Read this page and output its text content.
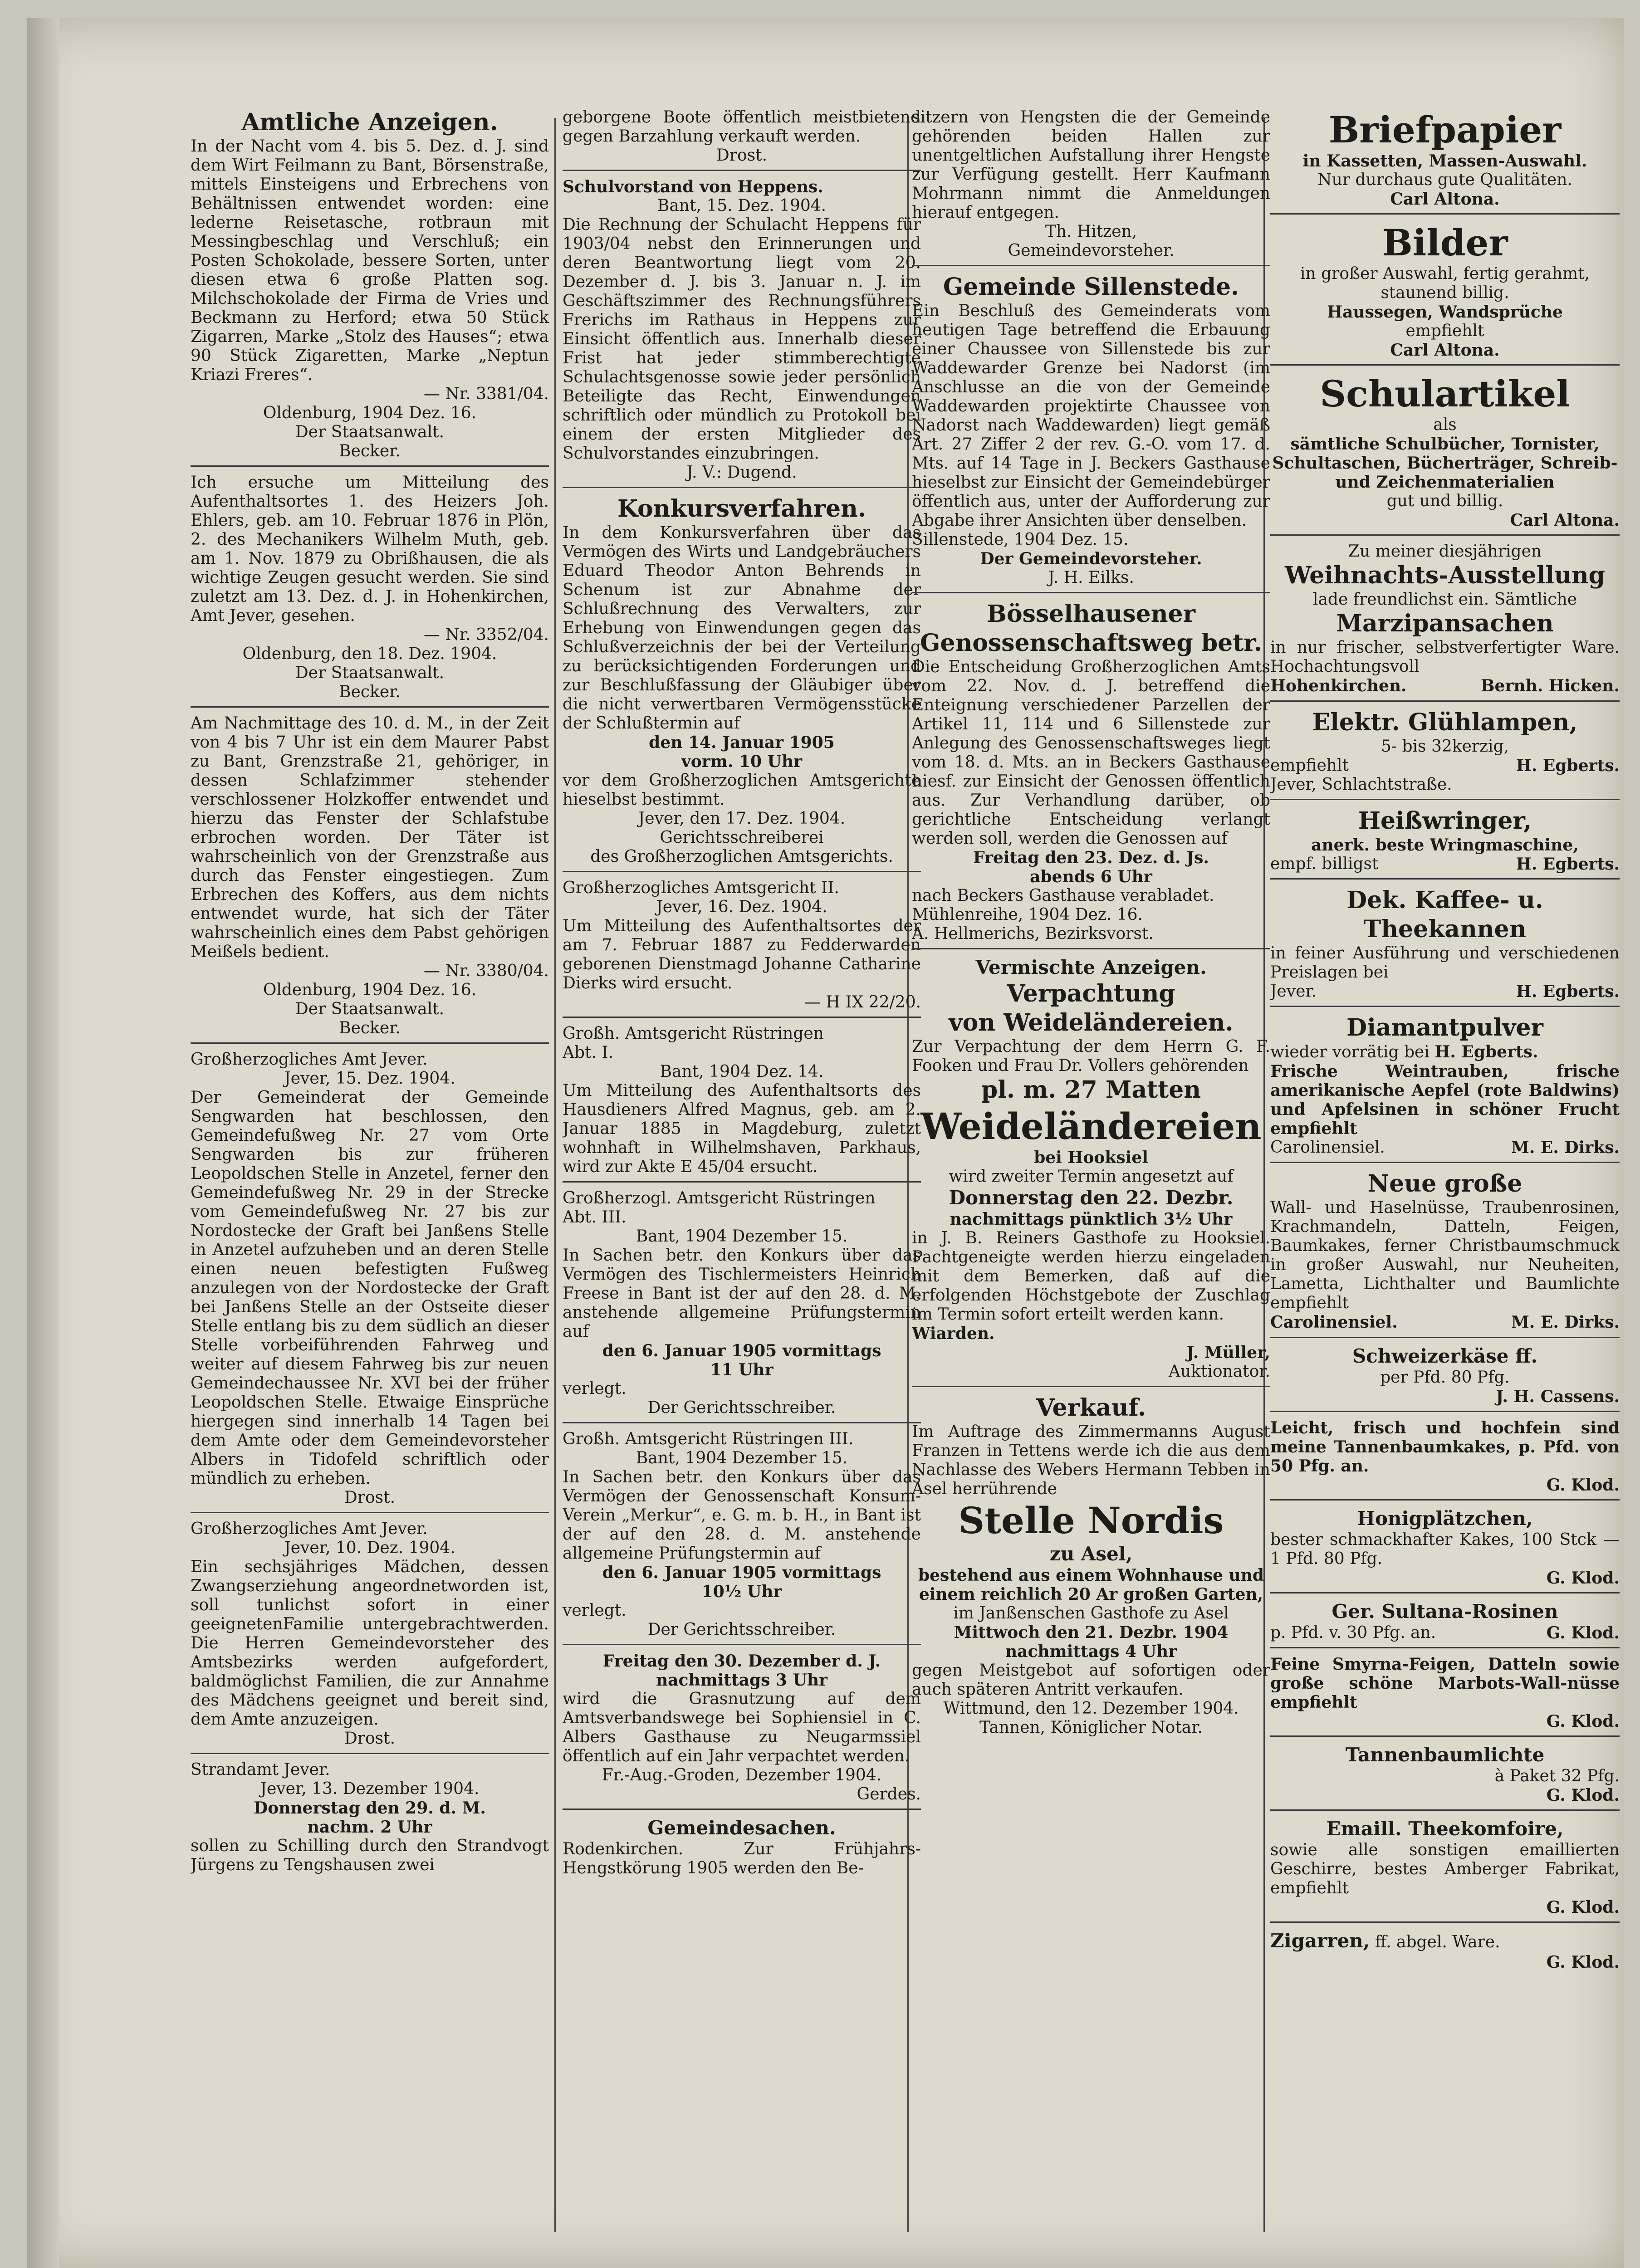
Amtliche Anzeigen.

In der Nacht vom 4. bis 5. Dez. d. J. sind dem Wirt Feilmann zu Bant, Börsenstraße, mittels Einsteigens und Erbrechens von Behältnissen entwendet worden: eine lederne Reisetasche, rotbraun mit Messingbeschlag und Verschluß; ein Posten Schokolade, bessere Sorten, unter diesen etwa 6 große Platten sog. Milchschokolade der Firma de Vries und Beckmann zu Herford; etwa 50 Stück Zigarren, Marke „Stolz des Hauses“; etwa 90 Stück Zigaretten, Marke „Neptun Kriazi Freres“.

— Nr. 3381/04.
Oldenburg, 1904 Dez. 16.
Der Staatsanwalt.
Becker.

Ich ersuche um Mitteilung des Aufenthaltsortes 1. des Heizers Joh. Ehlers, geb. am 10. Februar 1876 in Plön, 2. des Mechanikers Wilhelm Muth, geb. am 1. Nov. 1879 zu Obrißhausen, die als wichtige Zeugen gesucht werden. Sie sind zuletzt am 13. Dez. d. J. in Hohenkirchen, Amt Jever, gesehen.

— Nr. 3352/04.
Oldenburg, den 18. Dez. 1904.
Der Staatsanwalt.
Becker.

Am Nachmittage des 10. d. M., in der Zeit von 4 bis 7 Uhr ist ein dem Maurer Pabst zu Bant, Grenzstraße 21, gehöriger, in dessen Schlafzimmer stehender verschlossener Holzkoffer entwendet und hierzu das Fenster der Schlafstube erbrochen worden. Der Täter ist wahrscheinlich von der Grenzstraße aus durch das Fenster eingestiegen. Zum Erbrechen des Koffers, aus dem nichts entwendet wurde, hat sich der Täter wahrscheinlich eines dem Pabst gehörigen Meißels bedient.

— Nr. 3380/04.
Oldenburg, 1904 Dez. 16.
Der Staatsanwalt.
Becker.
Großherzogliches Amt Jever.
Jever, 15. Dez. 1904.

Der Gemeinderat der Gemeinde Sengwarden hat beschlossen, den Gemeindefußweg Nr. 27 vom Orte Sengwarden bis zur früheren Leopoldschen Stelle in Anzetel, ferner den Gemeindefußweg Nr. 29 in der Strecke vom Gemeindefußweg Nr. 27 bis zur Nordostecke der Graft bei Janßens Stelle in Anzetel aufzuheben und an deren Stelle einen neuen befestigten Fußweg anzulegen von der Nordostecke der Graft bei Janßens Stelle an der Ostseite dieser Stelle entlang bis zu dem südlich an dieser Stelle vorbeiführenden Fahrweg und weiter auf diesem Fahrweg bis zur neuen Gemeindechaussee Nr. XVI bei der früher Leopoldschen Stelle. Etwaige Einsprüche hiergegen sind innerhalb 14 Tagen bei dem Amte oder dem Gemeindevorsteher Albers in Tidofeld schriftlich oder mündlich zu erheben.

Drost.
Großherzogliches Amt Jever.
Jever, 10. Dez. 1904.

Ein sechsjähriges Mädchen, dessen Zwangserziehung angeordnetworden ist, soll tunlichst sofort in einer geeignetenFamilie untergebrachtwerden. Die Herren Gemeindevorsteher des Amtsbezirks werden aufgefordert, baldmöglichst Familien, die zur Annahme des Mädchens geeignet und bereit sind, dem Amte anzuzeigen.

Drost.
Strandamt Jever.
Jever, 13. Dezember 1904.
Donnerstag den 29. d. M.
nachm. 2 Uhr

sollen zu Schilling durch den Strandvogt Jürgens zu Tengshausen zwei

geborgene Boote öffentlich meistbietend gegen Barzahlung verkauft werden.

Drost.
Schulvorstand von Heppens.
Bant, 15. Dez. 1904.

Die Rechnung der Schulacht Heppens für 1903/04 nebst den Erinnerungen und deren Beantwortung liegt vom 20. Dezember d. J. bis 3. Januar n. J. im Geschäftszimmer des Rechnungsführers Frerichs im Rathaus in Heppens zur Einsicht öffentlich aus. Innerhalb dieser Frist hat jeder stimmberechtigte Schulachtsgenosse sowie jeder persönlich Beteiligte das Recht, Einwendungen schriftlich oder mündlich zu Protokoll bei einem der ersten Mitglieder des Schulvorstandes einzubringen.

J. V.: Dugend.
Konkursverfahren.

In dem Konkursverfahren über das Vermögen des Wirts und Landgebräuchers Eduard Theodor Anton Behrends in Schenum ist zur Abnahme der Schlußrechnung des Verwalters, zur Erhebung von Einwendungen gegen das Schlußverzeichnis der bei der Verteilung zu berücksichtigenden Forderungen und zur Beschlußfassung der Gläubiger über die nicht verwertbaren Vermögensstücke der Schlußtermin auf

den 14. Januar 1905
vorm. 10 Uhr

vor dem Großherzoglichen Amtsgerichte hieselbst bestimmt.

Jever, den 17. Dez. 1904.
Gerichtsschreiberei
des Großherzoglichen Amtsgerichts.
Großherzogliches Amtsgericht II.
Jever, 16. Dez. 1904.

Um Mitteilung des Aufenthaltsortes der am 7. Februar 1887 zu Fedderwarden geborenen Dienstmagd Johanne Catharine Dierks wird ersucht.

— H IX 22/20.
Großh. Amtsgericht Rüstringen
Abt. I.
Bant, 1904 Dez. 14.

Um Mitteilung des Aufenthaltsorts des Hausdieners Alfred Magnus, geb. am 2. Januar 1885 in Magdeburg, zuletzt wohnhaft in Wilhelmshaven, Parkhaus, wird zur Akte E 45/04 ersucht.

Großherzogl. Amtsgericht Rüstringen
Abt. III.
Bant, 1904 Dezember 15.

In Sachen betr. den Konkurs über das Vermögen des Tischlermeisters Heinrich Freese in Bant ist der auf den 28. d. M. anstehende allgemeine Prüfungstermin auf

den 6. Januar 1905 vormittags
11 Uhr
verlegt.
Der Gerichtsschreiber.
Großh. Amtsgericht Rüstringen III.
Bant, 1904 Dezember 15.

In Sachen betr. den Konkurs über das Vermögen der Genossenschaft Konsum-Verein „Merkur“, e. G. m. b. H., in Bant ist der auf den 28. d. M. anstehende allgemeine Prüfungstermin auf

den 6. Januar 1905 vormittags
10½ Uhr
verlegt.
Der Gerichtsschreiber.
Freitag den 30. Dezember d. J.
nachmittags 3 Uhr

wird die Grasnutzung auf dem Amtsverbandswege bei Sophiensiel in C. Albers Gasthause zu Neugarmssiel öffentlich auf ein Jahr verpachtet werden.

Fr.-Aug.-Groden, Dezember 1904.
Gerdes.
Gemeindesachen.

Rodenkirchen. Zur Frühjahrs-Hengstkörung 1905 werden den Be-

sitzern von Hengsten die der Gemeinde gehörenden beiden Hallen zur unentgeltlichen Aufstallung ihrer Hengste zur Verfügung gestellt. Herr Kaufmann Mohrmann nimmt die Anmeldungen hierauf entgegen.

Th. Hitzen,
Gemeindevorsteher.
Gemeinde Sillenstede.

Ein Beschluß des Gemeinderats vom heutigen Tage betreffend die Erbauung einer Chaussee von Sillenstede bis zur Waddewarder Grenze bei Nadorst (im Anschlusse an die von der Gemeinde Waddewarden projektirte Chaussee von Nadorst nach Waddewarden) liegt gemäß Art. 27 Ziffer 2 der rev. G.-O. vom 17. d. Mts. auf 14 Tage in J. Beckers Gasthause hieselbst zur Einsicht der Gemeindebürger öffentlich aus, unter der Aufforderung zur Abgabe ihrer Ansichten über denselben.

Sillenstede, 1904 Dez. 15.
Der Gemeindevorsteher.
J. H. Eilks.
Bösselhausener
Genossenschaftsweg betr.

Die Entscheidung Großherzoglichen Amts vom 22. Nov. d. J. betreffend die Enteignung verschiedener Parzellen der Artikel 11, 114 und 6 Sillenstede zur Anlegung des Genossenschaftsweges liegt vom 18. d. Mts. an in Beckers Gasthause hiesf. zur Einsicht der Genossen öffentlich aus. Zur Verhandlung darüber, ob gerichtliche Entscheidung verlangt werden soll, werden die Genossen auf

Freitag den 23. Dez. d. Js.
abends 6 Uhr
nach Beckers Gasthause verabladet.
Mühlenreihe, 1904 Dez. 16.
A. Hellmerichs, Bezirksvorst.
Vermischte Anzeigen.
Verpachtung
von Weideländereien.

Zur Verpachtung der dem Herrn G. F. Fooken und Frau Dr. Vollers gehörenden

pl. m. 27 Matten
Weideländereien
bei Hooksiel
wird zweiter Termin angesetzt auf
Donnerstag den 22. Dezbr.
nachmittags pünktlich 3½ Uhr

in J. B. Reiners Gasthofe zu Hooksiel. Pachtgeneigte werden hierzu eingeladen mit dem Bemerken, daß auf die erfolgenden Höchstgebote der Zuschlag im Termin sofort erteilt werden kann.

Wiarden.
J. Müller,
Auktionator.
Verkauf.

Im Auftrage des Zimmermanns August Franzen in Tettens werde ich die aus dem Nachlasse des Webers Hermann Tebben in Asel herrührende

Stelle Nordis
zu Asel,
bestehend aus einem Wohnhause und einem reichlich 20 Ar großen Garten,
im Janßenschen Gasthofe zu Asel
Mittwoch den 21. Dezbr. 1904
nachmittags 4 Uhr

gegen Meistgebot auf sofortigen oder auch späteren Antritt verkaufen.

Wittmund, den 12. Dezember 1904.
Tannen, Königlicher Notar.
Briefpapier
in Kassetten, Massen-Auswahl.
Nur durchaus gute Qualitäten.
Carl Altona.
Bilder
in großer Auswahl, fertig gerahmt, staunend billig.
Haussegen, Wandsprüche
empfiehlt
Carl Altona.
Schulartikel
als
sämtliche Schulbücher, Tornister, Schultaschen, Bücherträger, Schreib- und Zeichenmaterialien
gut und billig.
Carl Altona.
Zu meiner diesjährigen
Weihnachts-Ausstellung
lade freundlichst ein. Sämtliche
Marzipansachen

in nur frischer, selbstverfertigter Ware. Hochachtungsvoll

Hohenkirchen.	Bernh. Hicken.
Elektr. Glühlampen,
5- bis 32kerzig,
empfiehlt	H. Egberts.
Jever, Schlachtstraße.
Heißwringer,
anerk. beste Wringmaschine,
empf. billigst	H. Egberts.
Dek. Kaffee- u. Theekannen

in feiner Ausführung und verschiedenen Preislagen bei

Jever.	H. Egberts.
Diamantpulver
wieder vorrätig bei H. Egberts.

Frische Weintrauben, frische amerikanische Aepfel (rote Baldwins) und Apfelsinen in schöner Frucht empfiehlt

Carolinensiel.	M. E. Dirks.
Neue große

Wall- und Haselnüsse, Traubenrosinen, Krachmandeln, Datteln, Feigen, Baumkakes, ferner Christbaumschmuck in großer Auswahl, nur Neuheiten, Lametta, Lichthalter und Baumlichte empfiehlt

Carolinensiel.	M. E. Dirks.
Schweizerkäse ff.
per Pfd. 80 Pfg.
J. H. Cassens.

Leicht, frisch und hochfein sind meine Tannenbaumkakes, p. Pfd. von 50 Pfg. an.

G. Klod.
Honigplätzchen,

bester schmackhafter Kakes, 100 Stck — 1 Pfd. 80 Pfg.

G. Klod.
Ger. Sultana-Rosinen
p. Pfd. v. 30 Pfg. an.	G. Klod.

Feine Smyrna-Feigen, Datteln sowie große schöne Marbots-Wall-nüsse empfiehlt

G. Klod.
Tannenbaumlichte
à Paket 32 Pfg.
G. Klod.
Emaill. Theekomfoire,

sowie alle sonstigen emaillierten Geschirre, bestes Amberger Fabrikat, empfiehlt

G. Klod.
Zigarren, ff. abgel. Ware.
G. Klod.
